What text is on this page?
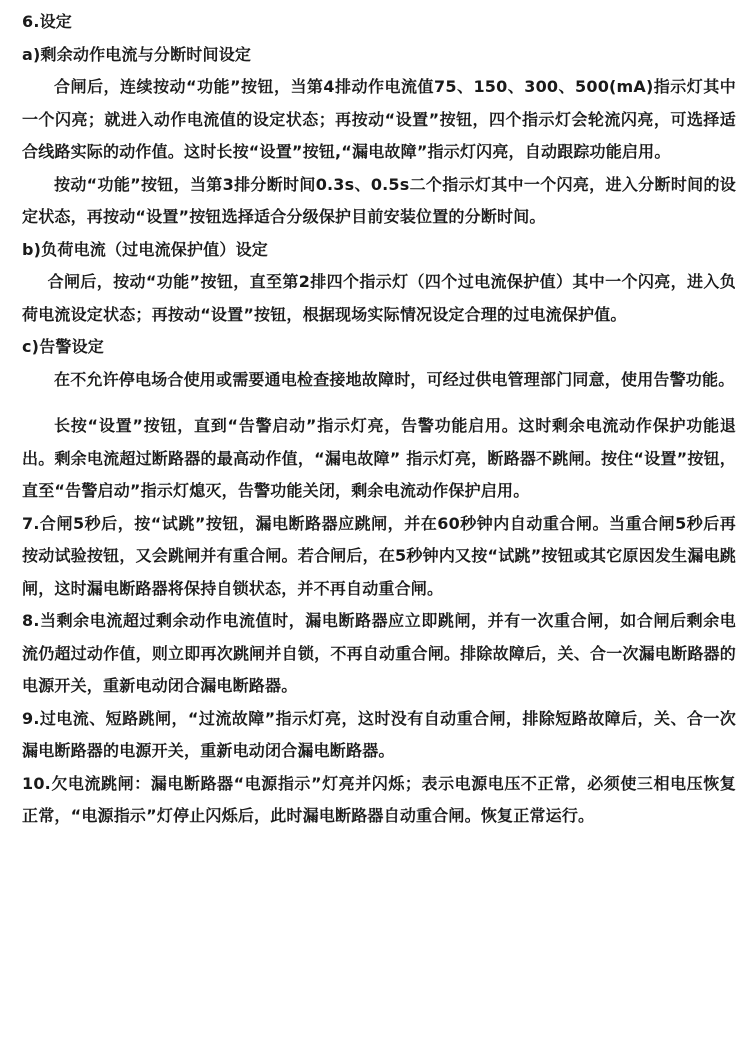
6.设定

a)剩余动作电流与分断时间设定

合闸后，连续按动“功能”按钮，当第4排动作电流值75、150、300、500(mA)指示灯其中一个闪亮；就进入动作电流值的设定状态；再按动“设置”按钮，四个指示灯会轮流闪亮，可选择适合线路实际的动作值。这时长按“设置”按钮,“漏电故障”指示灯闪亮，自动跟踪功能启用。

按动“功能”按钮，当第3排分断时间0.3s、0.5s二个指示灯其中一个闪亮，进入分断时间的设定状态，再按动“设置”按钮选择适合分级保护目前安装位置的分断时间。

b)负荷电流（过电流保护值）设定

合闸后，按动“功能”按钮，直至第2排四个指示灯（四个过电流保护值）其中一个闪亮，进入负荷电流设定状态；再按动“设置”按钮，根据现场实际情况设定合理的过电流保护值。

c)告警设定

在不允许停电场合使用或需要通电检查接地故障时，可经过供电管理部门同意，使用告警功能。

长按“设置”按钮，直到“告警启动”指示灯亮，告警功能启用。这时剩余电流动作保护功能退出。剩余电流超过断路器的最高动作值，“漏电故障” 指示灯亮，断路器不跳闸。按住“设置”按钮，直至“告警启动”指示灯熄灭，告警功能关闭，剩余电流动作保护启用。

7.合闸5秒后，按“试跳”按钮，漏电断路器应跳闸，并在60秒钟内自动重合闸。当重合闸5秒后再按动试验按钮，又会跳闸并有重合闸。若合闸后，在5秒钟内又按“试跳”按钮或其它原因发生漏电跳闸，这时漏电断路器将保持自锁状态，并不再自动重合闸。

8.当剩余电流超过剩余动作电流值时，漏电断路器应立即跳闸，并有一次重合闸，如合闸后剩余电流仍超过动作值，则立即再次跳闸并自锁，不再自动重合闸。排除故障后，关、合一次漏电断路器的电源开关，重新电动闭合漏电断路器。

9.过电流、短路跳闸，“过流故障”指示灯亮，这时没有自动重合闸，排除短路故障后，关、合一次漏电断路器的电源开关，重新电动闭合漏电断路器。

10.欠电流跳闸：漏电断路器“电源指示”灯亮并闪烁；表示电源电压不正常，必须使三相电压恢复正常，“电源指示”灯停止闪烁后，此时漏电断路器自动重合闸。恢复正常运行。
